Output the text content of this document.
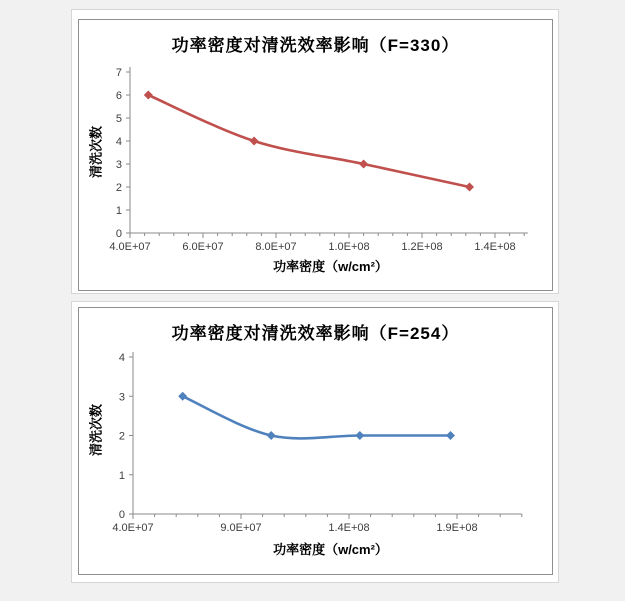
功率密度对清洗效率影响（F=330）
清洗次数
0
1
2
3
4
5
6
7
4.0E+07	6.0E+07	8.0E+07	1.0E+08	1.2E+08	1.4E+08
功率密度（w/cm²）
功率密度对清洗效率影响（F=254）
清洗次数
0
1
2
3
4
4.0E+07	9.0E+07	1.4E+08	1.9E+08
功率密度（w/cm²）
